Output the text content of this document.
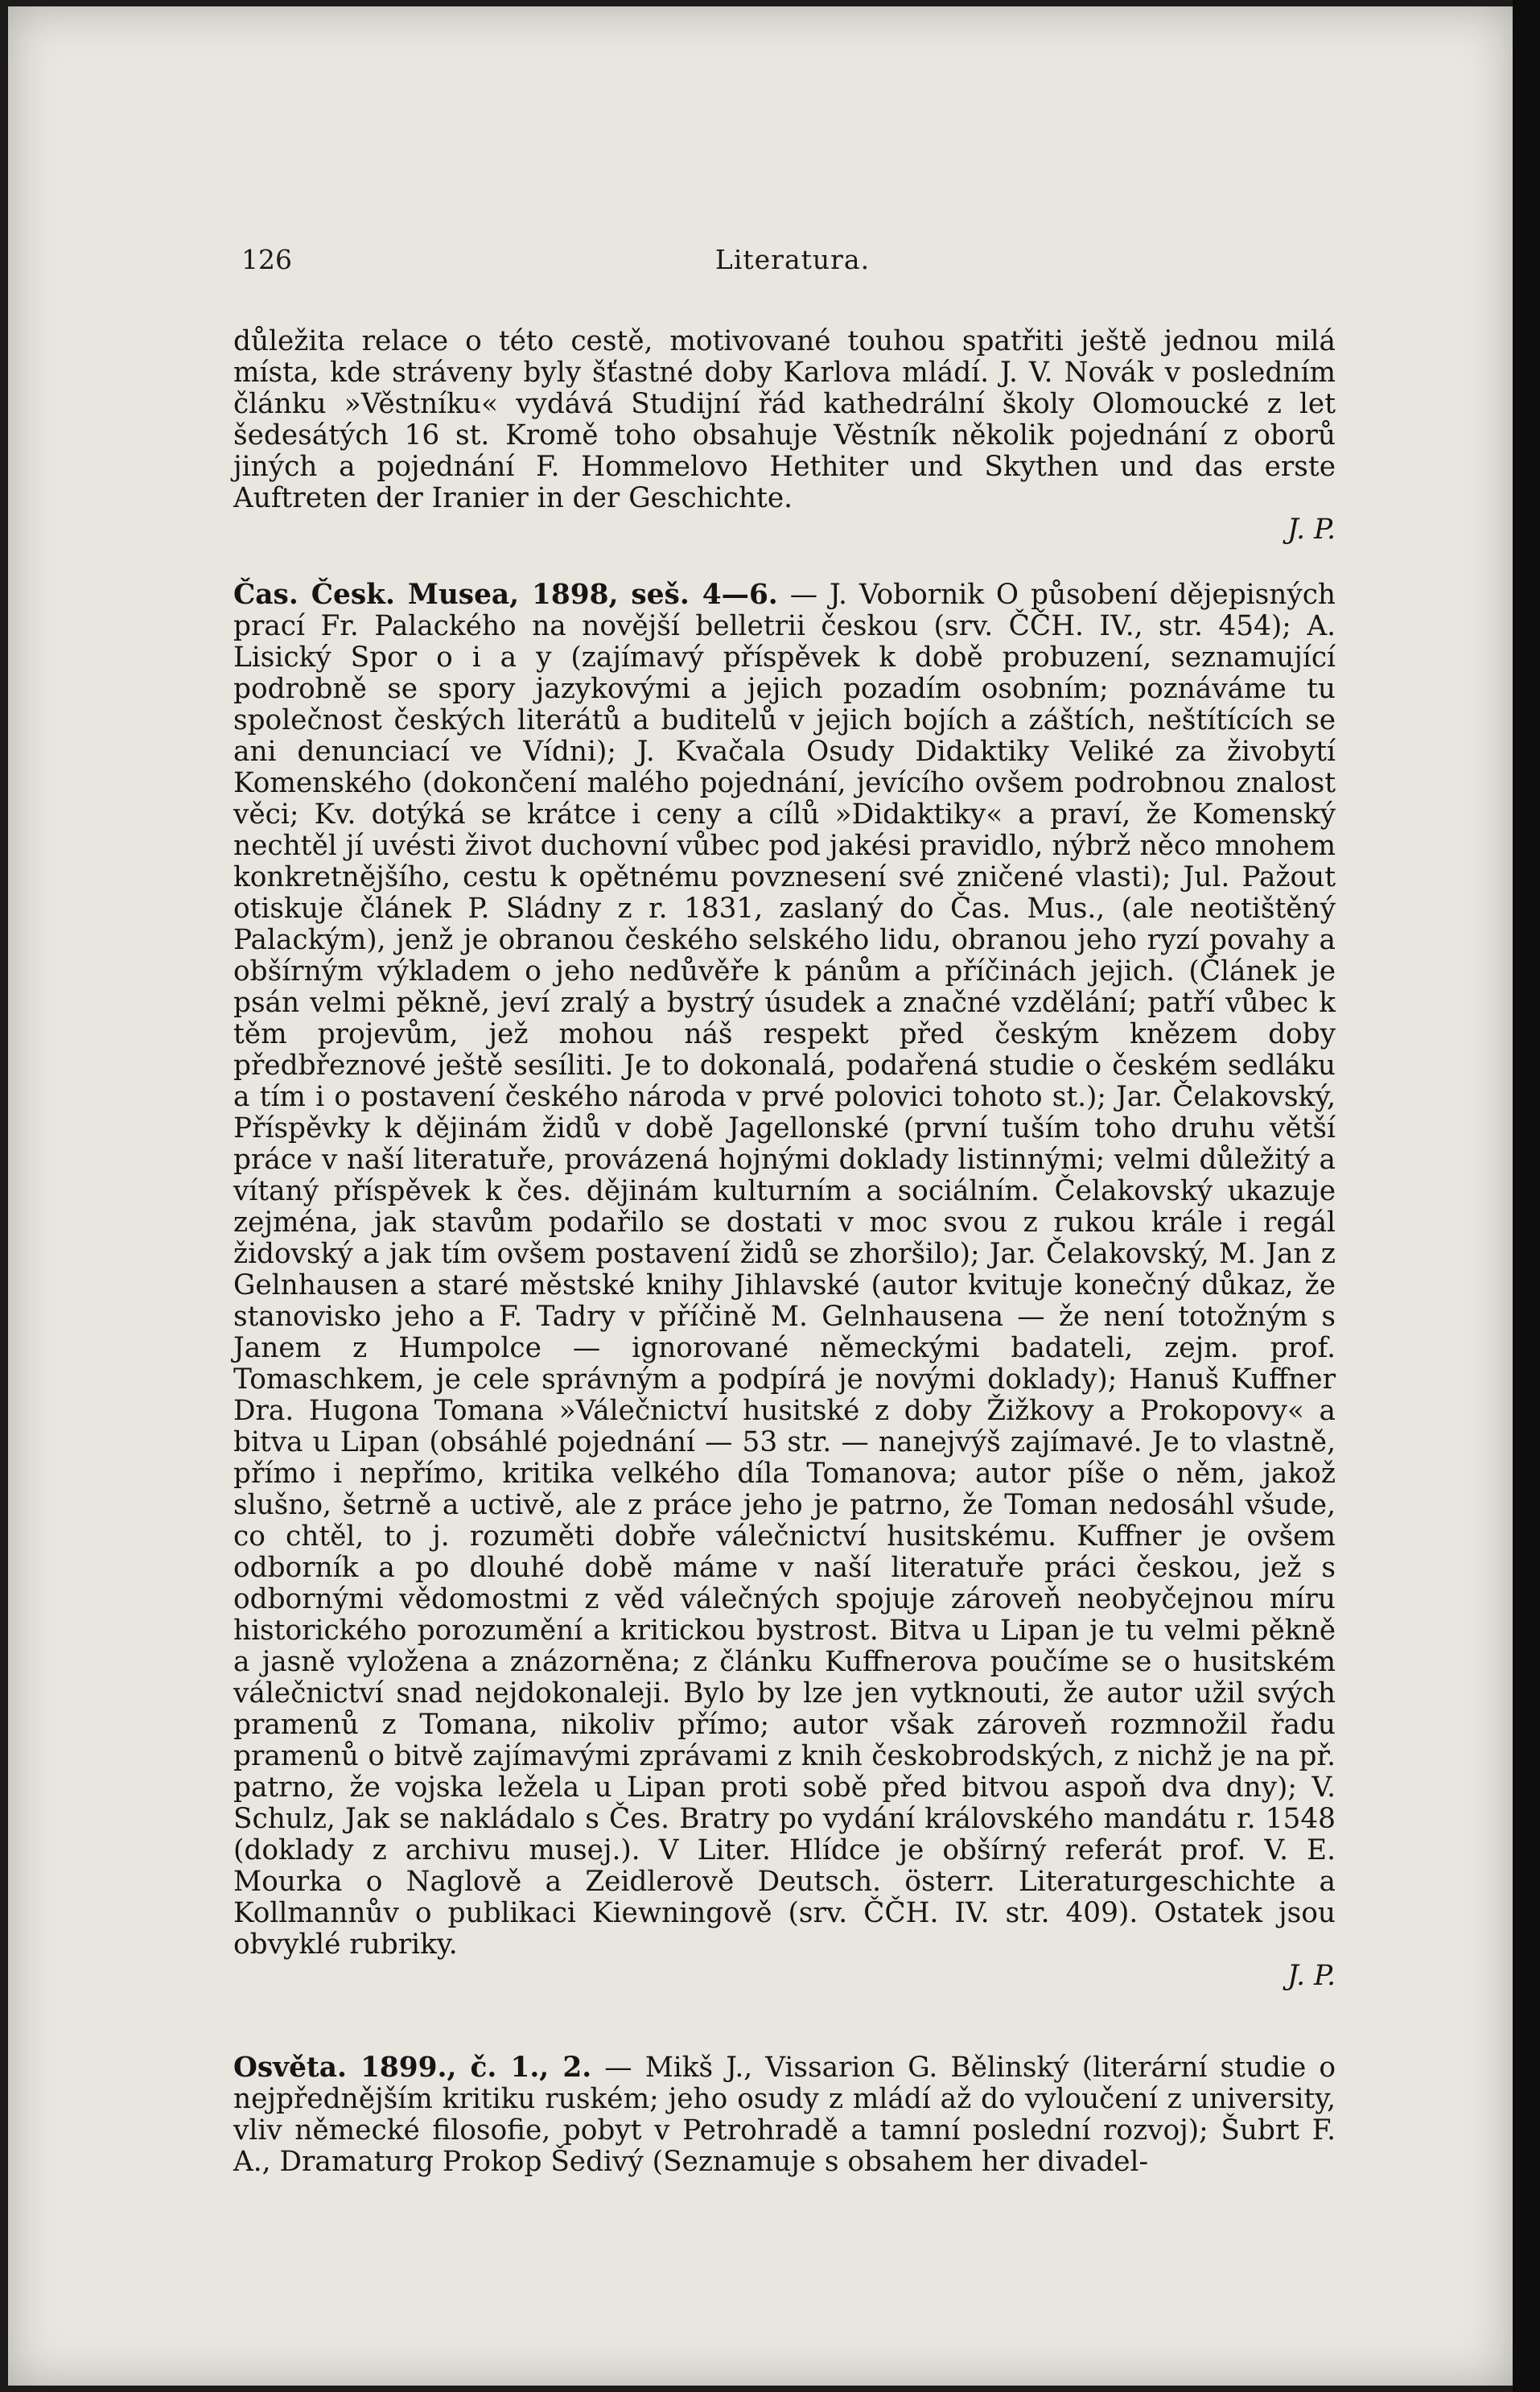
126	Literatura.

důležita relace o této cestě, motivované touhou spatřiti ještě jednou milá místa, kde stráveny byly šťastné doby Karlova mládí. J. V. Novák v posledním článku »Věstníku« vydává Studijní řád kathedrální školy Olomoucké z let šedesátých 16 st. Kromě toho obsahuje Věstník několik pojednání z oborů jiných a pojednání F. Hommelovo Hethiter und Skythen und das erste Auftreten der Iranier in der Geschichte.

J. P.

Čas. Česk. Musea, 1898, seš. 4—6. — J. Vobornik O působení dějepisných prací Fr. Palackého na novější belletrii českou (srv. ČČH. IV., str. 454); A. Lisický Spor o i a y (zajímavý příspěvek k době probuzení, seznamující podrobně se spory jazykovými a jejich pozadím osobním; poznáváme tu společnost českých literátů a buditelů v jejich bojích a záštích, neštítících se ani denunciací ve Vídni); J. Kvačala Osudy Didaktiky Veliké za živobytí Komenského (dokončení malého pojednání, jevícího ovšem podrobnou znalost věci; Kv. dotýká se krátce i ceny a cílů »Didaktiky« a praví, že Komenský nechtěl jí uvésti život duchovní vůbec pod jakési pravidlo, nýbrž něco mnohem konkretnějšího, cestu k opětnému povznesení své zničené vlasti); Jul. Pažout otiskuje článek P. Sládny z r. 1831, zaslaný do Čas. Mus., (ale neotištěný Palackým), jenž je obranou českého selského lidu, obranou jeho ryzí povahy a obšírným výkladem o jeho nedůvěře k pánům a příčinách jejich. (Článek je psán velmi pěkně, jeví zralý a bystrý úsudek a značné vzdělání; patří vůbec k těm projevům, jež mohou náš respekt před českým knězem doby předbřeznové ještě sesíliti. Je to dokonalá, podařená studie o českém sedláku a tím i o postavení českého národa v prvé polovici tohoto st.); Jar. Čelakovský, Příspěvky k dějinám židů v době Jagellonské (první tuším toho druhu větší práce v naší literatuře, provázená hojnými doklady listinnými; velmi důležitý a vítaný příspěvek k čes. dějinám kulturním a sociálním. Čelakovský ukazuje zejména, jak stavům podařilo se dostati v moc svou z rukou krále i regál židovský a jak tím ovšem postavení židů se zhoršilo); Jar. Čelakovský, M. Jan z Gelnhausen a staré městské knihy Jihlavské (autor kvituje konečný důkaz, že stanovisko jeho a F. Tadry v příčině M. Gelnhausena — že není totožným s Janem z Humpolce — ignorované německými badateli, zejm. prof. Tomaschkem, je cele správným a podpírá je novými doklady); Hanuš Kuffner Dra. Hugona Tomana »Válečnictví husitské z doby Žižkovy a Prokopovy« a bitva u Lipan (obsáhlé pojednání — 53 str. — nanejvýš zajímavé. Je to vlastně, přímo i nepřímo, kritika velkého díla Tomanova; autor píše o něm, jakož slušno, šetrně a uctivě, ale z práce jeho je patrno, že Toman nedosáhl všude, co chtěl, to j. rozuměti dobře válečnictví husitskému. Kuffner je ovšem odborník a po dlouhé době máme v naší literatuře práci českou, jež s odbornými vědomostmi z věd válečných spojuje zároveň neobyčejnou míru historického porozumění a kritickou bystrost. Bitva u Lipan je tu velmi pěkně a jasně vyložena a znázorněna; z článku Kuffnerova poučíme se o husitském válečnictví snad nejdokonaleji. Bylo by lze jen vytknouti, že autor užil svých pramenů z Tomana, nikoliv přímo; autor však zároveň rozmnožil řadu pramenů o bitvě zajímavými zprávami z knih českobrodských, z nichž je na př. patrno, že vojska ležela u Lipan proti sobě před bitvou aspoň dva dny); V. Schulz, Jak se nakládalo s Čes. Bratry po vydání královského mandátu r. 1548 (doklady z archivu musej.). V Liter. Hlídce je obšírný referát prof. V. E. Mourka o Naglově a Zeidlerově Deutsch. österr. Literaturgeschichte a Kollmannův o publikaci Kiewningově (srv. ČČH. IV. str. 409). Ostatek jsou obvyklé rubriky.

J. P.

Osvěta. 1899., č. 1., 2. — Mikš J., Vissarion G. Bělinský (literární studie o nejpřednějším kritiku ruském; jeho osudy z mládí až do vyloučení z university, vliv německé filosofie, pobyt v Petrohradě a tamní poslední rozvoj); Šubrt F. A., Dramaturg Prokop Šedivý (Seznamuje s obsahem her divadel-
